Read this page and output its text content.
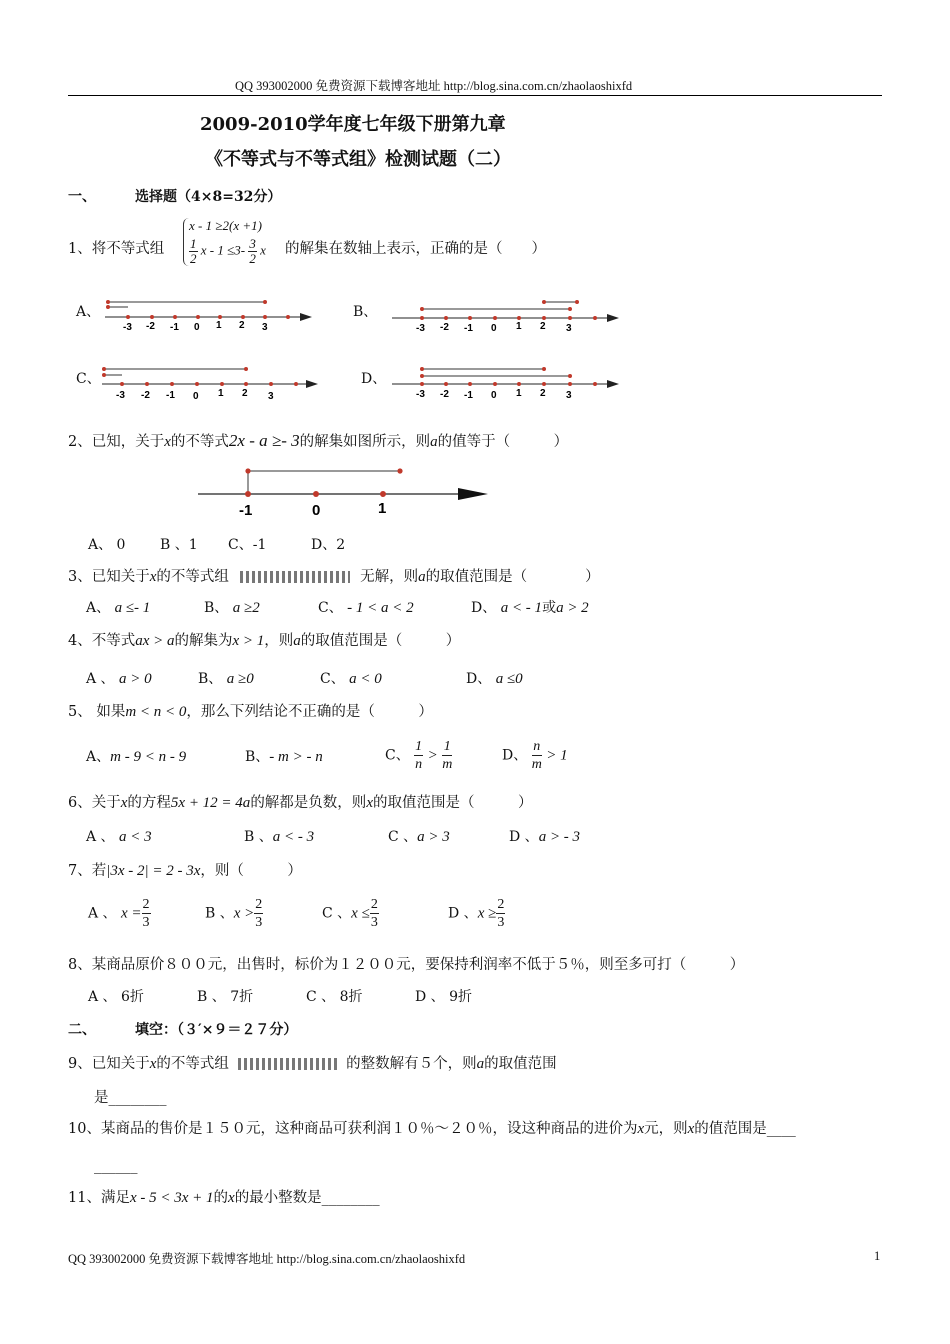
QQ 393002000 免费资源下载博客地址 http://blog.sina.com.cn/zhaolaoshixfd
2009-2010学年度七年级下册第九章
《不等式与不等式组》检测试题（二）
一、	选择题（4×8=32分）
1、将不等式组
x - 1 ≥2(x +1)
$\frac{1}{2}$ $x - 1 \le 3- \frac{3}{2}$ x 的解集在数轴上表示，正确的是（　　）
A、
-3 -2 -1 0 1 2 3
B、
-3 -2 -1 0 1 2 3
C、
-3 -2 -1 0 1 2 3
D、
-3 -2 -1 0 1 2 3
2、已知，关于x的不等式2x - a ≥- 3的解集如图所示，则a的值等于（　　　）
-1	0	1
A、 0 B 、1 C、-1	D、2
3、已知关于x的不等式组	无解，则a的取值范围是（　　　　）
A、 a ≤- 1	B、 a ≥2	C、 - 1 < a < 2	D、 a < - 1或a > 2
4、不等式ax > a的解集为x > 1，则a的取值范围是（　　　）
A 、 a > 0	B、 a ≥0	C、 a < 0	D、 a ≤0
5、 如果m < n < 0，那么下列结论不正确的是（　　　）
A、m - 9 < n - 9	B、- m > - n	C、 $\frac{1}{n} > \frac{1}{m}$	D、 $\frac{n}{m} > 1$
6、关于x的方程5x + 12 = 4a的解都是负数，则x的取值范围是（　　　）
A 、 a < 3	B 、a < - 3	C 、a > 3	D 、a > - 3
7、若|3x - 2| = 2 - 3x，则（　　　）
A 、 $x = \frac{2}{3}$	B 、$x > \frac{2}{3}$	C 、$x \le \frac{2}{3}$	D 、$x \ge \frac{2}{3}$
8、某商品原价８００元，出售时，标价为１２００元，要保持利润率不低于５％，则至多可打（　　　）
A 、 6折	B 、 7折	C 、 8折	D 、 9折
二、	填空：（３′×９＝２７分）
9、已知关于x的不等式组	的整数解有５个，则a的取值范围
是________
10、某商品的售价是１５０元，这种商品可获利润１０％～２０％，设这种商品的进价为x元，则x的值范围是____
______
11、满足x - 5 < 3x + 1的x的最小整数是________
QQ 393002000 免费资源下载博客地址 http://blog.sina.com.cn/zhaolaoshixfd	1
